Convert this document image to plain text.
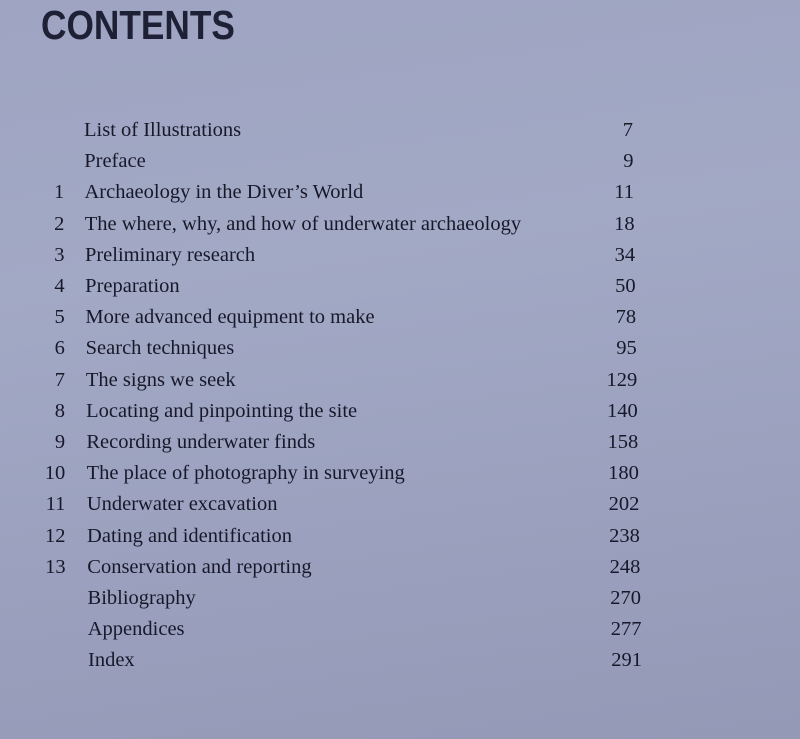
CONTENTS
List of Illustrations	7
Preface	9
1 Archaeology in the Diver’s World	11
2 The where, why, and how of underwater archaeology	18
3 Preliminary research	34
4 Preparation	50
5 More advanced equipment to make	78
6 Search techniques	95
7 The signs we seek	129
8 Locating and pinpointing the site	140
9 Recording underwater finds	158
10 The place of photography in surveying	180
11 Underwater excavation	202
12 Dating and identification	238
13 Conservation and reporting	248
Bibliography	270
Appendices	277
Index	291
